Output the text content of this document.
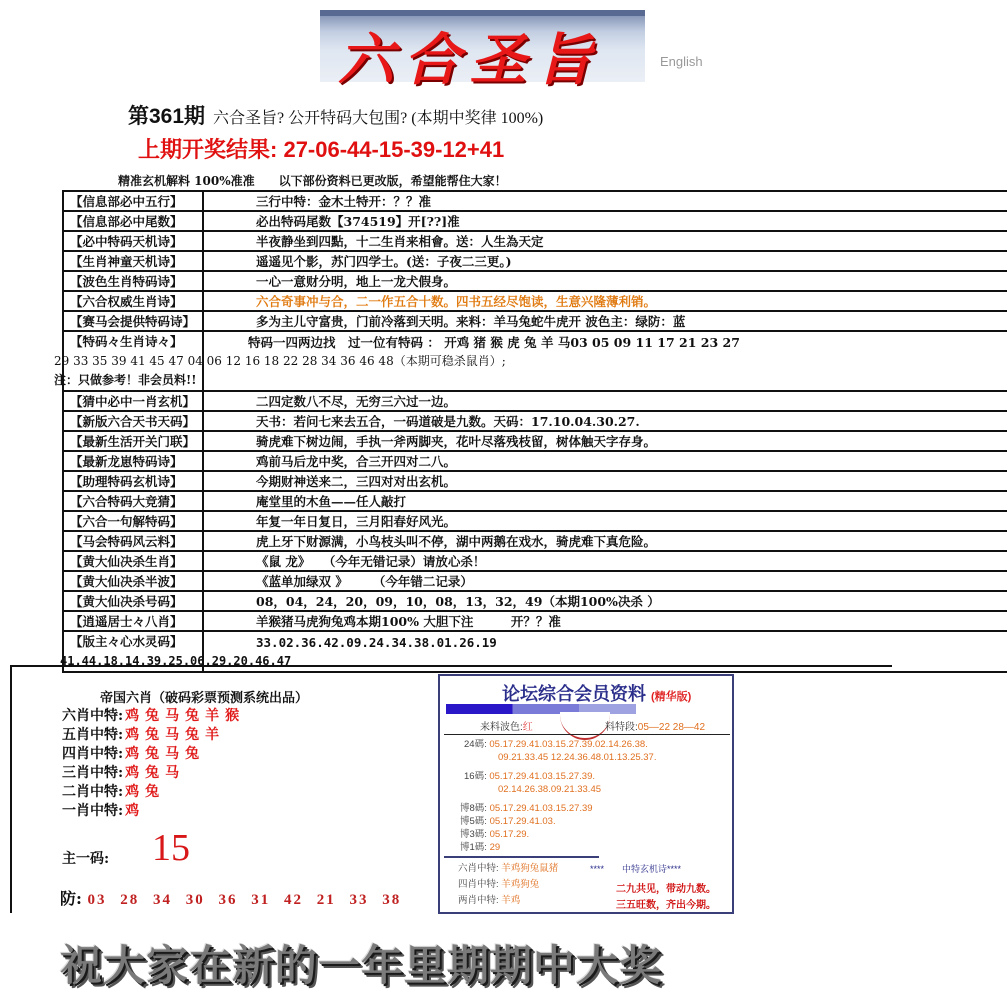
六合圣旨	English
第361期 六合圣旨? 公开特码大包围? (本期中奖律 100%)
上期开奖结果: 27-06-44-15-39-12+41
精准玄机解料 100%准准 以下部份资料已更改版，希望能帮住大家！
【信息部必中五行】	三行中特：金木土特开：？？准
【信息部必中尾数】	必出特码尾数【374519】开[??]准
【必中特码天机诗】	半夜静坐到四點，十二生肖来相會。送：人生為天定
【生肖神童天机诗】	遥遥见个影，苏门四学士。(送：子夜二三更。)
【波色生肖特码诗】	一心一意财分明，地上一龙犬假身。
【六合权威生肖诗】	六合奇事冲与合，二一作五合十数。四书五经尽饱读，生意兴隆薄利销。
【赛马会提供特码诗】	多为主儿守富贵，门前冷落到天明。来料：羊马兔蛇牛虎开 波色主：绿防：蓝
【特码々生肖诗々】	特码一四两边找　过一位有特码 ： 开鸡 猪 猴 虎 兔 羊 马03 05 09 11 17 21 23 27
29 33 35 39 41 45 47 04 06 12 16 18 22 28 34 36 46 48（本期可稳杀鼠肖）;
注：只做参考！非会员料!!
【猜中必中一肖玄机】	二四定数八不尽，无穷三六过一边。
【新版六合天书天码】	天书：若问七来去五合，一码道破是九数。天码：17.10.04.30.27.
【最新生活开关门联】	骑虎难下树边闹，手执一斧两脚夹，花叶尽落残枝留，树体触天字存身。
【最新龙崽特码诗】	鸡前马后龙中奖，合三开四对二八。
【助理特码玄机诗】	今期财神送来二，三四对对出玄机。
【六合特码大竞猜】	庵堂里的木鱼——任人敲打
【六合一句解特码】	年复一年日复日，三月阳春好风光。
【马会特码风云料】	虎上牙下财源满，小鸟枝头叫不停，湖中两鹅在戏水，骑虎难下真危险。
【黄大仙决杀生肖】	《鼠 龙》　　（今年无错记录）请放心杀！
【黄大仙决杀半波】	《蓝单加绿双 》　　　（今年错二记录）
【黄大仙决杀号码】	08，04，24，20，09，10，08，13，32，49（本期100%决杀 ）
【逍遥居士々八肖】	羊猴猪马虎狗兔鸡本期100% 大胆下注　　　开？？准
【版主々心水灵码】	33.02.36.42.09.24.34.38.01.26.19
41.44.18.14.39.25.06.29.20.46.47
帝国六肖（破码彩票预测系统出品）
六肖中特: 鸡兔马兔羊猴
五肖中特: 鸡兔马兔羊
四肖中特: 鸡兔马兔
三肖中特: 鸡兔马
二肖中特: 鸡兔
一肖中特: 鸡
主一码: 15
防: 03 28 34 30 36 31 42 21 33 38
论坛综合会员资料 (精华版)
来料波色:红	料特段:05—22 28—42
24碼: 05.17.29.41.03.15.27.39.02.14.26.38.
09.21.33.45 12.24.36.48.01.13.25.37.
16碼: 05.17.29.41.03.15.27.39.
02.14.26.38.09.21.33.45
博8碼: 05.17.29.41.03.15.27.39
博5碼: 05.17.29.41.03.
博3碼: 05.17.29.
博1碼: 29
六肖中特: 羊鸡狗兔鼠猪
四肖中特: 羊鸡狗兔
两肖中特: 羊鸡
****　　中特玄机诗****
二九共见，带动九数。
三五旺数，齐出今期。
祝大家在新的一年里期期中大奖
